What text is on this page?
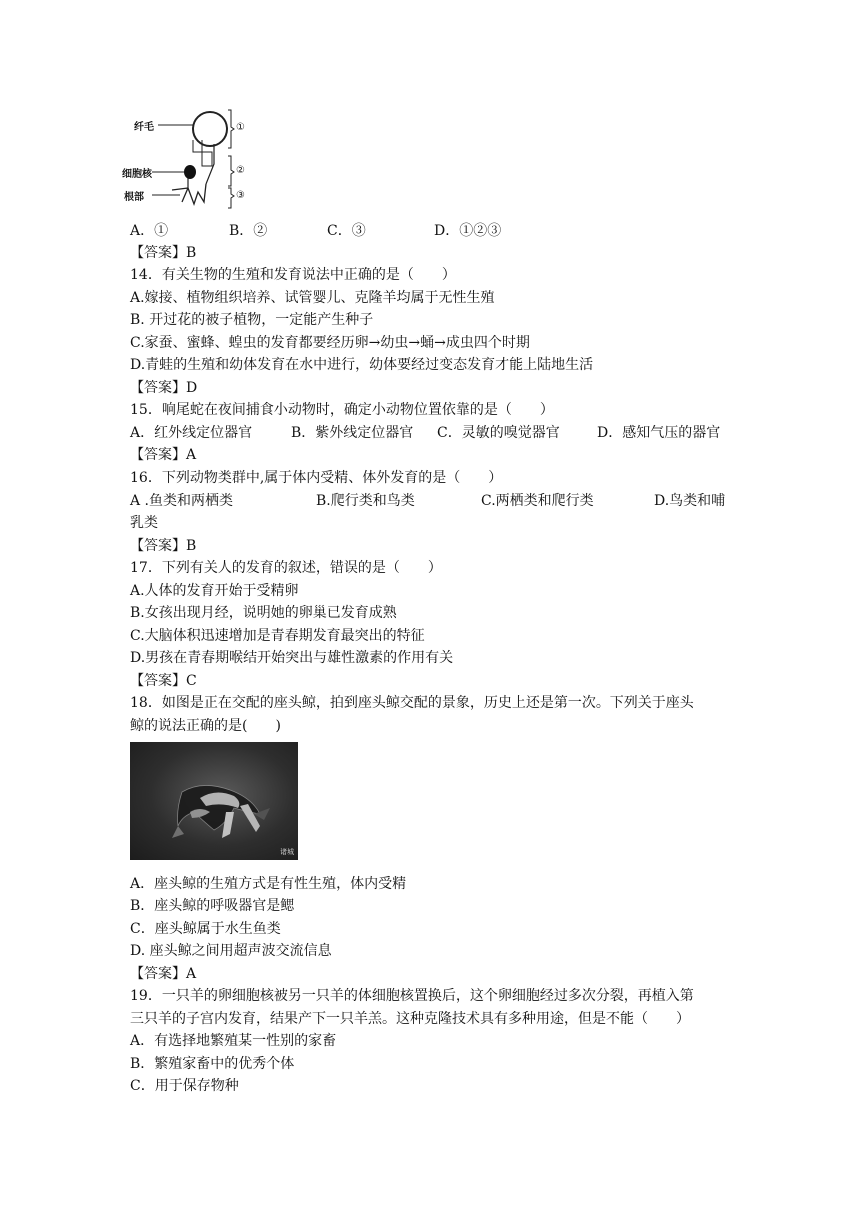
纤毛
细胞核
根部
①
②
③
A．①	B．②	C．③	D．①②③
【答案】B
14．有关生物的生殖和发育说法中正确的是（　　）
A.嫁接、植物组织培养、试管婴儿、克隆羊均属于无性生殖
B. 开过花的被子植物，一定能产生种子
C.家蚕、蜜蜂、蝗虫的发育都要经历卵→幼虫→蛹→成虫四个时期
D.青蛙的生殖和幼体发育在水中进行，幼体要经过变态发育才能上陆地生活
【答案】D
15．响尾蛇在夜间捕食小动物时，确定小动物位置依靠的是（　　）
A．红外线定位器官	B．紫外线定位器官 C．灵敏的嗅觉器官	D．感知气压的器官
【答案】A
16．下列动物类群中,属于体内受精、体外发育的是（　　）
A .鱼类和两栖类	B.爬行类和鸟类	C.两栖类和爬行类	D.鸟类和哺
乳类
【答案】B
17．下列有关人的发育的叙述，错误的是（　　）
A.人体的发育开始于受精卵
B.女孩出现月经，说明她的卵巢已发育成熟
C.大脑体积迅速增加是青春期发育最突出的特征
D.男孩在青春期喉结开始突出与雄性激素的作用有关
【答案】C
18．如图是正在交配的座头鲸，拍到座头鲸交配的景象，历史上还是第一次。下列关于座头
鲸的说法正确的是(　　)
诸城
A．座头鲸的生殖方式是有性生殖，体内受精
B．座头鲸的呼吸器官是鳃
C．座头鲸属于水生鱼类
D. 座头鲸之间用超声波交流信息
【答案】A
19．一只羊的卵细胞核被另一只羊的体细胞核置换后，这个卵细胞经过多次分裂，再植入第
三只羊的子宫内发育，结果产下一只羊羔。这种克隆技术具有多种用途，但是不能（　　）
A．有选择地繁殖某一性别的家畜
B．繁殖家畜中的优秀个体
C．用于保存物种
